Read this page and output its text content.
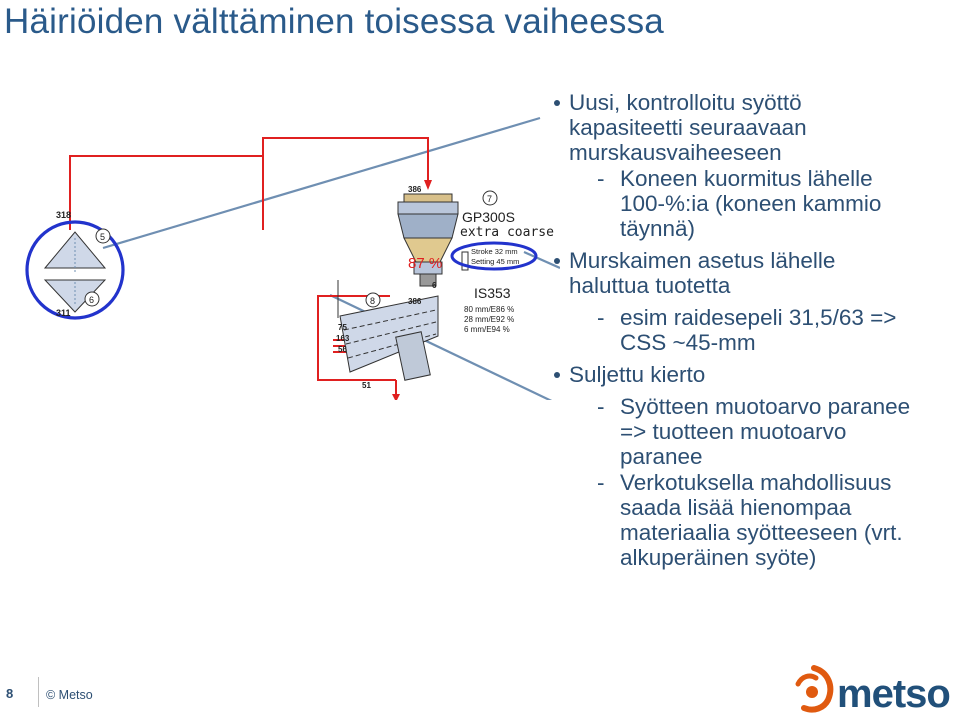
Häiriöiden välttäminen toisessa vaiheessa
Uusi, kontrolloitu syöttö
kapasiteetti seuraavaan
murskausvaiheeseen
- Koneen kuormitus lähelle
100-%:ia (koneen kammio
täynnä)
Murskaimen asetus lähelle
haluttua tuotetta
- esim raidesepeli 31,5/63 =>
CSS ~45-mm
Suljettu kierto
- Syötteen muotoarvo paranee
=> tuotteen muotoarvo
paranee
- Verkotuksella mahdollisuus
saada lisää hienompaa
materiaalia syötteeseen (vrt.
alkuperäinen syöte)
318
311
5
6
87 %
386
7
GP300S
extra coarse
Stroke 32 mm
Setting 45 mm
8	386
6
75
163
56
51
IS353
80 mm/E86 %
28 mm/E92 %
6 mm/E94 %
8	© Metso	metso
